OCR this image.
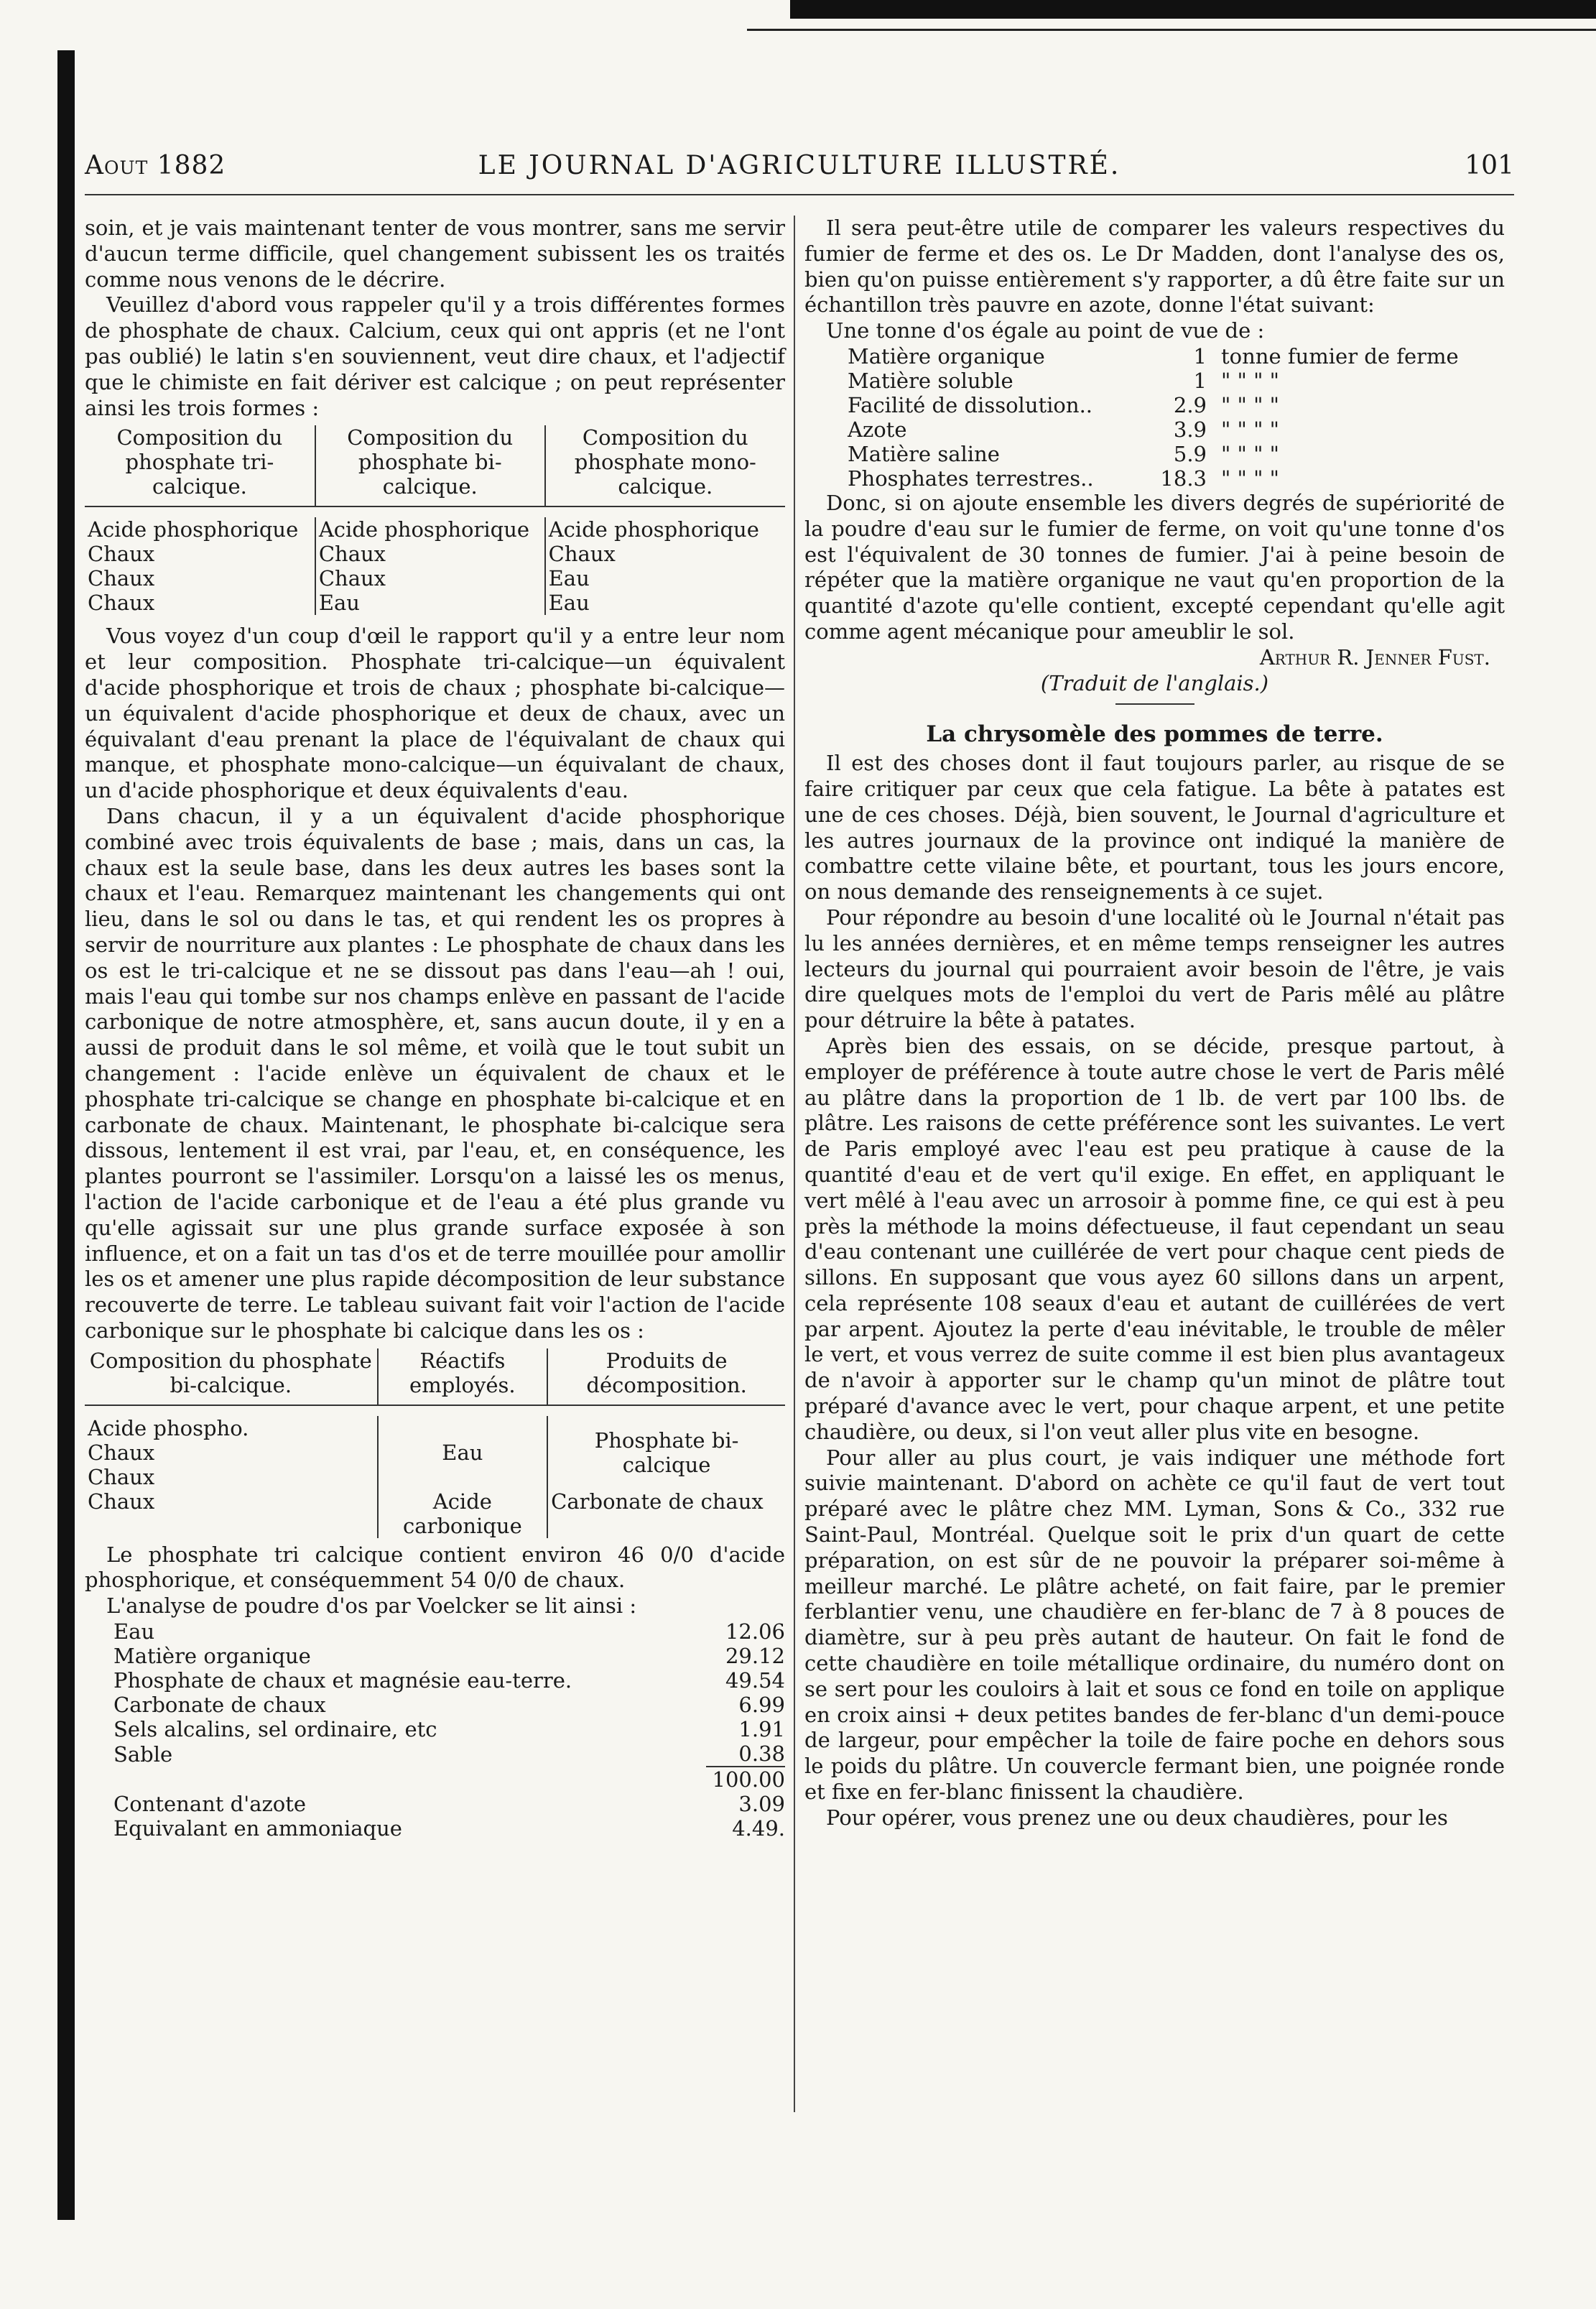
Aout 1882	LE JOURNAL D'AGRICULTURE ILLUSTRÉ.	101

soin, et je vais maintenant tenter de vous montrer, sans me servir d'aucun terme difficile, quel changement subissent les os traités comme nous venons de le décrire.

Veuillez d'abord vous rappeler qu'il y a trois différentes formes de phosphate de chaux. Calcium, ceux qui ont appris (et ne l'ont pas oublié) le latin s'en souviennent, veut dire chaux, et l'adjectif que le chimiste en fait dériver est calcique ; on peut représenter ainsi les trois formes :

Composition du phosphate tri-calcique.	Composition du phosphate bi-calcique.	Composition du phosphate mono-calcique.

Acide phosphorique	Acide phosphorique	Acide phosphorique
Chaux	Chaux	Chaux
Chaux	Chaux	Eau
Chaux	Eau	Eau

Vous voyez d'un coup d'œil le rapport qu'il y a entre leur nom et leur composition. Phosphate tri-calcique—un équivalent d'acide phosphorique et trois de chaux ; phosphate bi-calcique—un équivalent d'acide phosphorique et deux de chaux, avec un équivalant d'eau prenant la place de l'équivalant de chaux qui manque, et phosphate mono-calcique—un équivalant de chaux, un d'acide phosphorique et deux équivalents d'eau.

Dans chacun, il y a un équivalent d'acide phosphorique combiné avec trois équivalents de base ; mais, dans un cas, la chaux est la seule base, dans les deux autres les bases sont la chaux et l'eau. Remarquez maintenant les changements qui ont lieu, dans le sol ou dans le tas, et qui rendent les os propres à servir de nourriture aux plantes : Le phosphate de chaux dans les os est le tri-calcique et ne se dissout pas dans l'eau—ah ! oui, mais l'eau qui tombe sur nos champs enlève en passant de l'acide carbonique de notre atmosphère, et, sans aucun doute, il y en a aussi de produit dans le sol même, et voilà que le tout subit un changement : l'acide enlève un équivalent de chaux et le phosphate tri-calcique se change en phosphate bi-calcique et en carbonate de chaux. Maintenant, le phosphate bi-calcique sera dissous, lentement il est vrai, par l'eau, et, en conséquence, les plantes pourront se l'assimiler. Lorsqu'on a laissé les os menus, l'action de l'acide carbonique et de l'eau a été plus grande vu qu'elle agissait sur une plus grande surface exposée à son influence, et on a fait un tas d'os et de terre mouillée pour amollir les os et amener une plus rapide décomposition de leur substance recouverte de terre. Le tableau suivant fait voir l'action de l'acide carbonique sur le phosphate bi calcique dans les os :

Composition du phosphate bi-calcique.	Réactifs employés.	Produits de décomposition.

Acide phospho.	Eau	Phosphate bi-calcique
Chaux		
Chaux		
Chaux	Acide carbonique	Carbonate de chaux

Le phosphate tri calcique contient environ 46 0/0 d'acide phosphorique, et conséquemment 54 0/0 de chaux.

L'analyse de poudre d'os par Voelcker se lit ainsi :

Eau	12.06	
Matière organique	29.12	
Phosphate de chaux et magnésie eau-terre.	49.54	
Carbonate de chaux	6.99	
Sels alcalins, sel ordinaire, etc	1.91	
Sable	0.38	
	100.00	
Contenant d'azote	3.09	
Equivalant en ammoniaque	4.49.	

Il sera peut-être utile de comparer les valeurs respectives du fumier de ferme et des os. Le Dr Madden, dont l'analyse des os, bien qu'on puisse entièrement s'y rapporter, a dû être faite sur un échantillon très pauvre en azote, donne l'état suivant:

Une tonne d'os égale au point de vue de :

Matière organique	1	tonne fumier de ferme
Matière soluble	1	" " " "
Facilité de dissolution..	2.9	" " " "
Azote	3.9	" " " "
Matière saline	5.9	" " " "
Phosphates terrestres..	18.3	" " " "

Donc, si on ajoute ensemble les divers degrés de supériorité de la poudre d'eau sur le fumier de ferme, on voit qu'une tonne d'os est l'équivalent de 30 tonnes de fumier. J'ai à peine besoin de répéter que la matière organique ne vaut qu'en proportion de la quantité d'azote qu'elle contient, excepté cependant qu'elle agit comme agent mécanique pour ameublir le sol.

Arthur R. Jenner Fust.

(Traduit de l'anglais.)

La chrysomèle des pommes de terre.

Il est des choses dont il faut toujours parler, au risque de se faire critiquer par ceux que cela fatigue. La bête à patates est une de ces choses. Déjà, bien souvent, le Journal d'agriculture et les autres journaux de la province ont indiqué la manière de combattre cette vilaine bête, et pourtant, tous les jours encore, on nous demande des renseignements à ce sujet.

Pour répondre au besoin d'une localité où le Journal n'était pas lu les années dernières, et en même temps renseigner les autres lecteurs du journal qui pourraient avoir besoin de l'être, je vais dire quelques mots de l'emploi du vert de Paris mêlé au plâtre pour détruire la bête à patates.

Après bien des essais, on se décide, presque partout, à employer de préférence à toute autre chose le vert de Paris mêlé au plâtre dans la proportion de 1 lb. de vert par 100 lbs. de plâtre. Les raisons de cette préférence sont les suivantes. Le vert de Paris employé avec l'eau est peu pratique à cause de la quantité d'eau et de vert qu'il exige. En effet, en appliquant le vert mêlé à l'eau avec un arrosoir à pomme fine, ce qui est à peu près la méthode la moins défectueuse, il faut cependant un seau d'eau contenant une cuillérée de vert pour chaque cent pieds de sillons. En supposant que vous ayez 60 sillons dans un arpent, cela représente 108 seaux d'eau et autant de cuillérées de vert par arpent. Ajoutez la perte d'eau inévitable, le trouble de mêler le vert, et vous verrez de suite comme il est bien plus avantageux de n'avoir à apporter sur le champ qu'un minot de plâtre tout préparé d'avance avec le vert, pour chaque arpent, et une petite chaudière, ou deux, si l'on veut aller plus vite en besogne.

Pour aller au plus court, je vais indiquer une méthode fort suivie maintenant. D'abord on achète ce qu'il faut de vert tout préparé avec le plâtre chez MM. Lyman, Sons & Co., 332 rue Saint-Paul, Montréal. Quelque soit le prix d'un quart de cette préparation, on est sûr de ne pouvoir la préparer soi-même à meilleur marché. Le plâtre acheté, on fait faire, par le premier ferblantier venu, une chaudière en fer-blanc de 7 à 8 pouces de diamètre, sur à peu près autant de hauteur. On fait le fond de cette chaudière en toile métallique ordinaire, du numéro dont on se sert pour les couloirs à lait et sous ce fond en toile on applique en croix ainsi + deux petites bandes de fer-blanc d'un demi-pouce de largeur, pour empêcher la toile de faire poche en dehors sous le poids du plâtre. Un couvercle fermant bien, une poignée ronde et fixe en fer-blanc finissent la chaudière.

Pour opérer, vous prenez une ou deux chaudières, pour les
